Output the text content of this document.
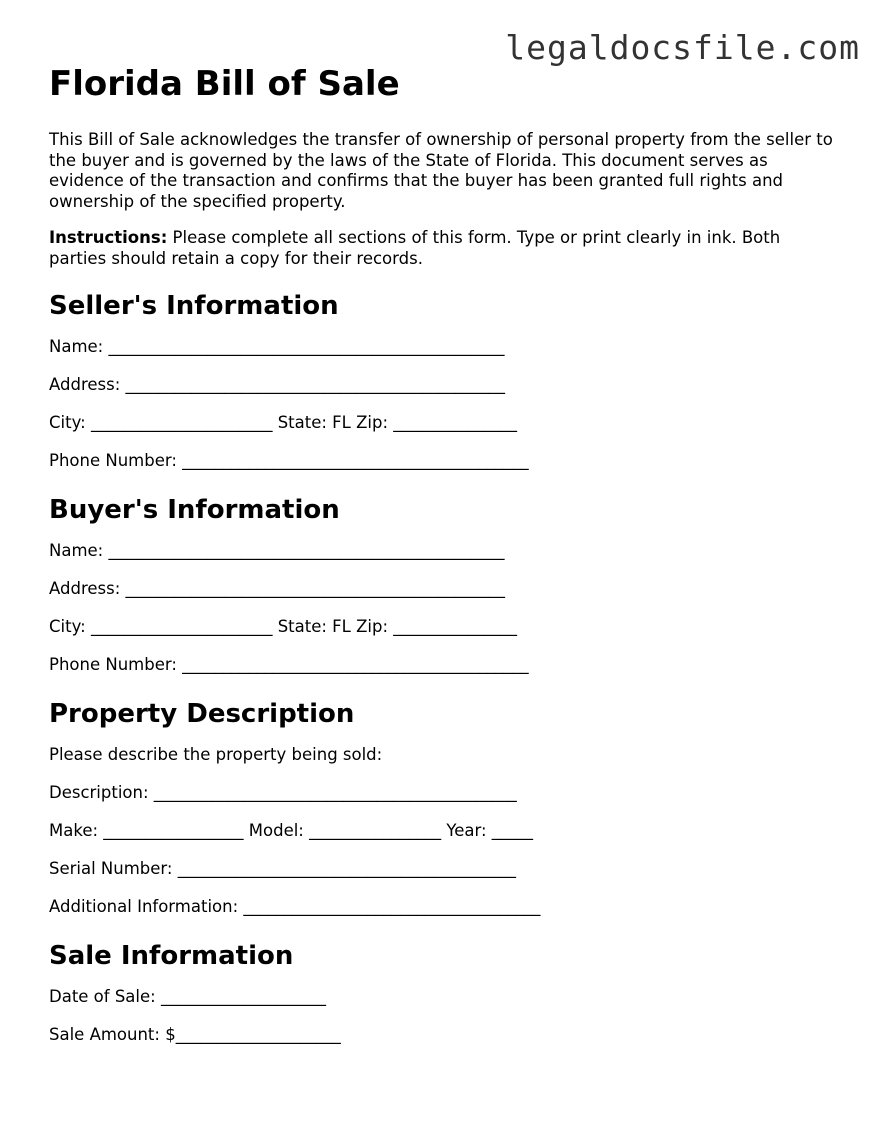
legaldocsfile.com
Florida Bill of Sale

This Bill of Sale acknowledges the transfer of ownership of personal property from the seller to the buyer and is governed by the laws of the State of Florida. This document serves as evidence of the transaction and confirms that the buyer has been granted full rights and ownership of the specified property.

Instructions: Please complete all sections of this form. Type or print clearly in ink. Both parties should retain a copy for their records.

Seller's Information
Name: ________________________________________________
Address: ______________________________________________
City: ______________________ State: FL Zip: _______________
Phone Number: __________________________________________
Buyer's Information
Name: ________________________________________________
Address: ______________________________________________
City: ______________________ State: FL Zip: _______________
Phone Number: __________________________________________
Property Description
Please describe the property being sold:
Description: ____________________________________________
Make: _________________ Model: ________________ Year: _____
Serial Number: _________________________________________
Additional Information: ____________________________________
Sale Information
Date of Sale: ____________________
Sale Amount: $____________________
